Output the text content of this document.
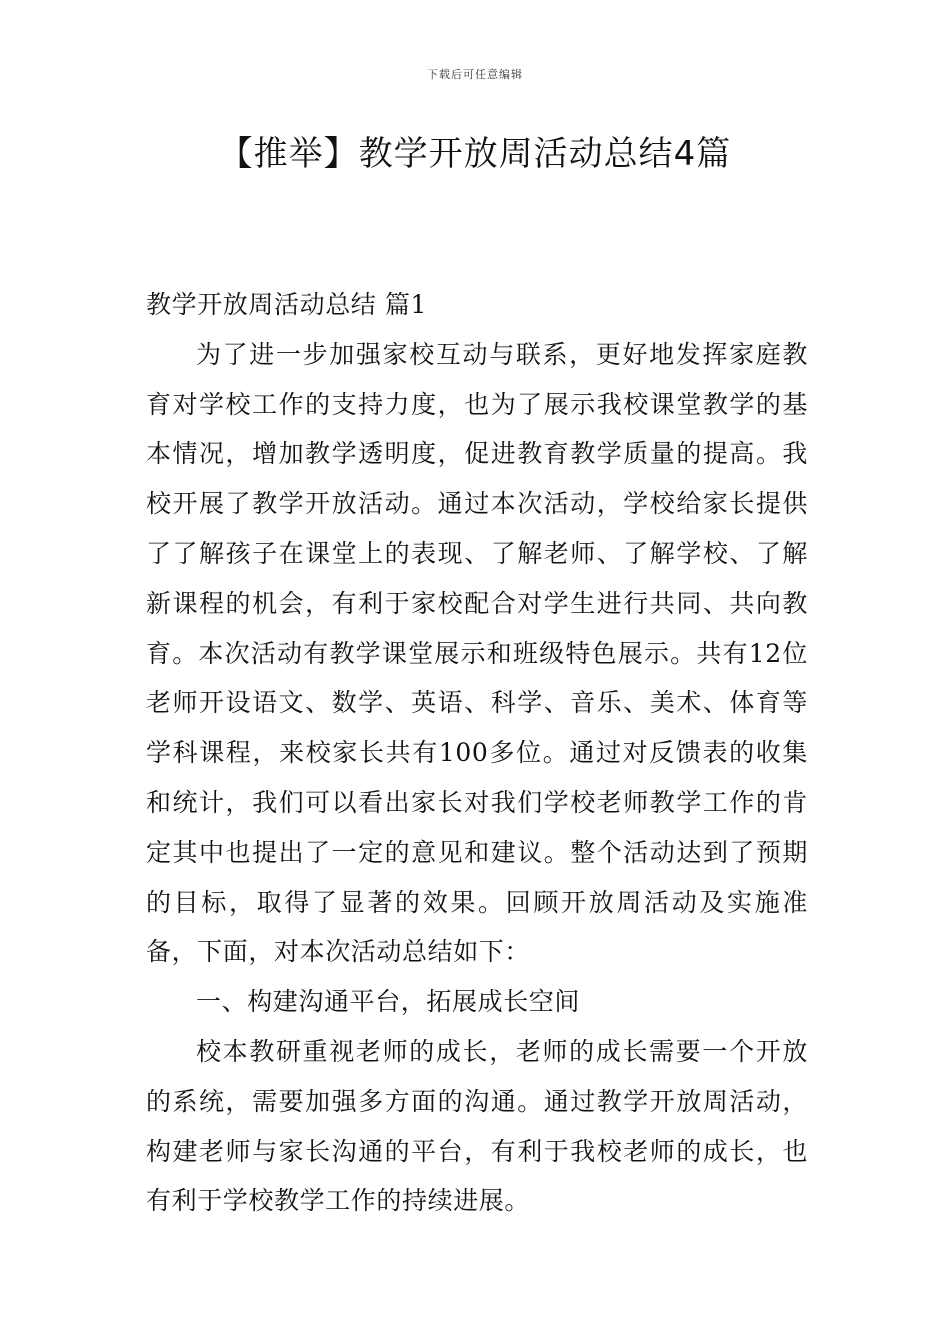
下载后可任意编辑
【推举】教学开放周活动总结4篇

教学开放周活动总结 篇1

为了进一步加强家校互动与联系，更好地发挥家庭教育对学校工作的支持力度，也为了展示我校课堂教学的基本情况，增加教学透明度，促进教育教学质量的提高。我校开展了教学开放活动。通过本次活动，学校给家长提供了了解孩子在课堂上的表现、了解老师、了解学校、了解新课程的机会，有利于家校配合对学生进行共同、共向教育。本次活动有教学课堂展示和班级特色展示。共有12位老师开设语文、数学、英语、科学、音乐、美术、体育等学科课程，来校家长共有100多位。通过对反馈表的收集和统计，我们可以看出家长对我们学校老师教学工作的肯定其中也提出了一定的意见和建议。整个活动达到了预期的目标，取得了显著的效果。回顾开放周活动及实施准备，下面，对本次活动总结如下：

一、构建沟通平台，拓展成长空间

校本教研重视老师的成长，老师的成长需要一个开放的系统，需要加强多方面的沟通。通过教学开放周活动，构建老师与家长沟通的平台，有利于我校老师的成长，也有利于学校教学工作的持续进展。
